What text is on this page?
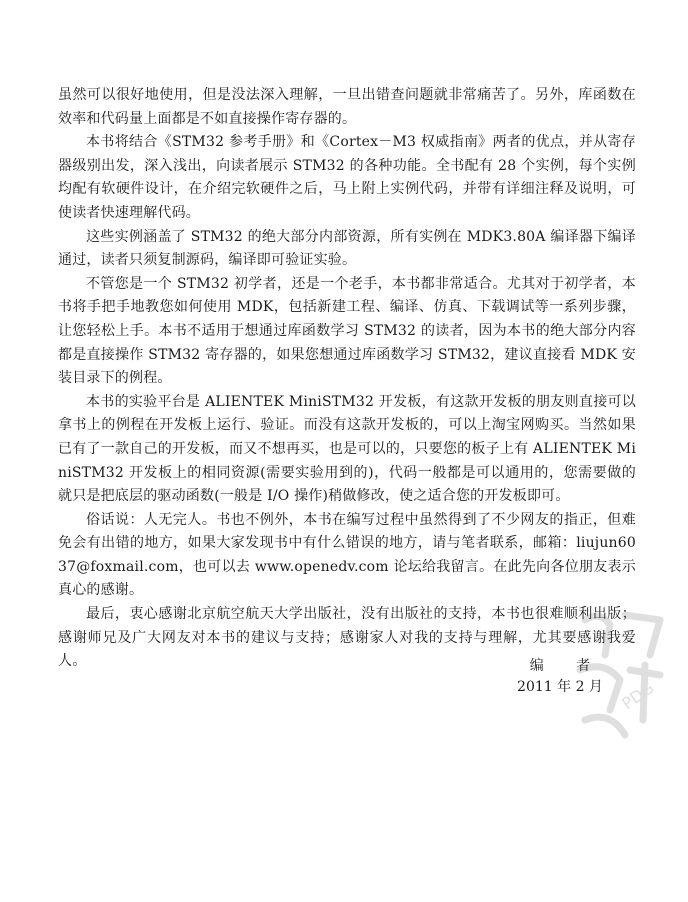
虽然可以很好地使用，但是没法深入理解，一旦出错查问题就非常痛苦了。另外，库函数在效率和代码量上面都是不如直接操作寄存器的。

本书将结合《STM32 参考手册》和《Cortex－M3 权威指南》两者的优点，并从寄存器级别出发，深入浅出，向读者展示 STM32 的各种功能。全书配有 28 个实例，每个实例均配有软硬件设计，在介绍完软硬件之后，马上附上实例代码，并带有详细注释及说明，可使读者快速理解代码。

这些实例涵盖了 STM32 的绝大部分内部资源，所有实例在 MDK3.80A 编译器下编译通过，读者只须复制源码，编译即可验证实验。

不管您是一个 STM32 初学者，还是一个老手，本书都非常适合。尤其对于初学者，本书将手把手地教您如何使用 MDK，包括新建工程、编译、仿真、下载调试等一系列步骤，让您轻松上手。本书不适用于想通过库函数学习 STM32 的读者，因为本书的绝大部分内容都是直接操作 STM32 寄存器的，如果您想通过库函数学习 STM32，建议直接看 MDK 安装目录下的例程。

本书的实验平台是 ALIENTEK MiniSTM32 开发板，有这款开发板的朋友则直接可以拿书上的例程在开发板上运行、验证。而没有这款开发板的，可以上淘宝网购买。当然如果已有了一款自己的开发板，而又不想再买，也是可以的，只要您的板子上有 ALIENTEK MiniSTM32 开发板上的相同资源(需要实验用到的)，代码一般都是可以通用的，您需要做的就只是把底层的驱动函数(一般是 I/O 操作)稍做修改，使之适合您的开发板即可。

俗话说：人无完人。书也不例外，本书在编写过程中虽然得到了不少网友的指正，但难免会有出错的地方，如果大家发现书中有什么错误的地方，请与笔者联系，邮箱：liujun6037@foxmail.com，也可以去 www.openedv.com 论坛给我留言。在此先向各位朋友表示真心的感谢。

最后，衷心感谢北京航空航天大学出版社，没有出版社的支持，本书也很难顺利出版；感谢师兄及广大网友对本书的建议与支持；感谢家人对我的支持与理解，尤其要感谢我爱人。	编 者
2011 年 2 月 PDG
